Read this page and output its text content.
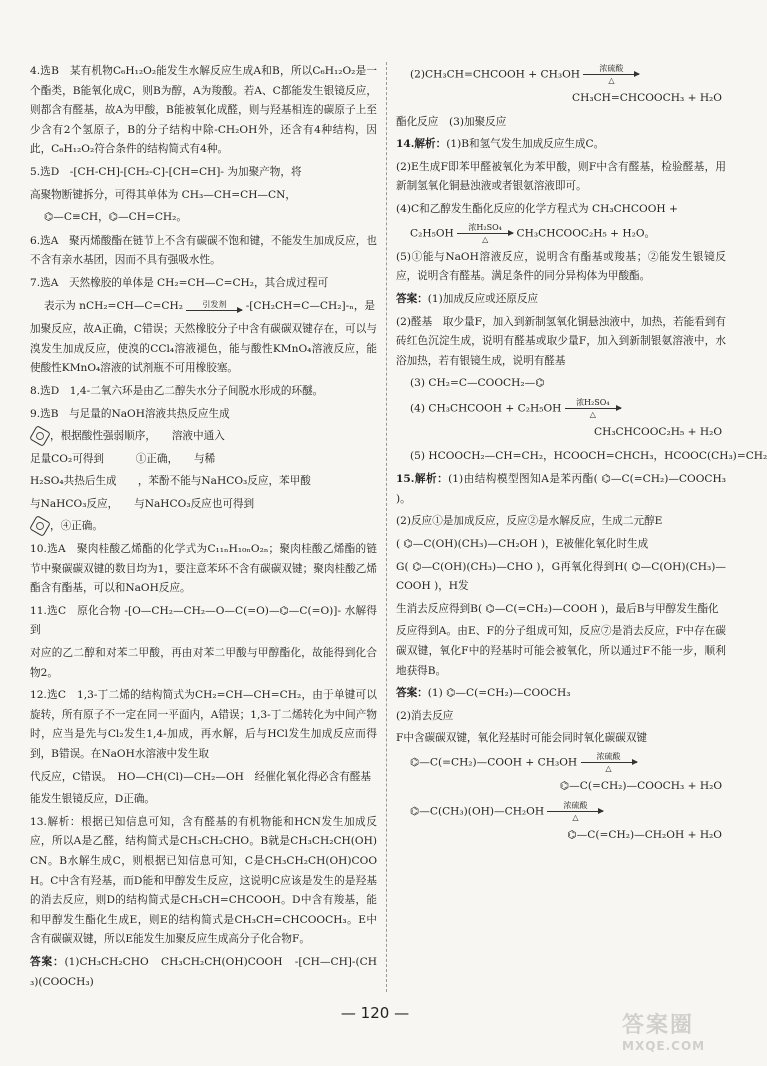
4.选B　某有机物C₆H₁₂O₂能发生水解反应生成A和B，所以C₆H₁₂O₂是一个酯类，B能氧化成C，则B为醇，A为羧酸。若A、C都能发生银镜反应，则都含有醛基，故A为甲酸，B能被氧化成醛，则与羟基相连的碳原子上至少含有2个氢原子，B的分子结构中除-CH₂OH外，还含有4种结构，因此，C₆H₁₂O₂符合条件的结构简式有4种。

5.选D　-[CH-CH]-[CH₂-C]-[CH=CH]- 为加聚产物，将

高聚物断键拆分，可得其单体为 CH₃—CH=CH—CN，

⌬—C≡CH，⌬—CH=CH₂。

6.选A　聚丙烯酸酯在链节上不含有碳碳不饱和键，不能发生加成反应，也不含有亲水基团，因而不具有强吸水性。

7.选A　天然橡胶的单体是 CH₂=CH—C=CH₂，其合成过程可

表示为 nCH₂=CH—C=CH₂ 引发剂 -[CH₂CH=C—CH₂]-ₙ，是

加聚反应，故A正确，C错误；天然橡胶分子中含有碳碳双键存在，可以与溴发生加成反应，使溴的CCl₄溶液褪色，能与酸性KMnO₄溶液反应，能使酸性KMnO₄溶液的试剂瓶不可用橡胶塞。

8.选D　1,4-二氧六环是由乙二醇失水分子间脱水形成的环醚。

9.选B　与足量的NaOH溶液共热反应生成

，根据酸性强弱顺序，　　溶液中通入

足量CO₂可得到　　　①正确，　　与稀

H₂SO₄共热后生成　　，苯酚不能与NaHCO₃反应，苯甲酸

与NaHCO₃反应，　　与NaHCO₃反应也可得到

，④正确。

10.选A　聚肉桂酸乙烯酯的化学式为C₁₁ₙH₁₀ₙO₂ₙ；聚肉桂酸乙烯酯的链节中聚碳碳双键的数目均为1，要注意苯环不含有碳碳双键；聚肉桂酸乙烯酯含有酯基，可以和NaOH反应。

11.选C　原化合物 -[O—CH₂—CH₂—O—C(=O)—⌬—C(=O)]- 水解得到

对应的乙二醇和对苯二甲酸，再由对苯二甲酸与甲醇酯化，故能得到化合物2。

12.选C　1,3-丁二烯的结构简式为CH₂=CH—CH=CH₂，由于单键可以旋转，所有原子不一定在同一平面内，A错误；1,3-丁二烯转化为中间产物时，应当是先与Cl₂发生1,4-加成，再水解，后与HCl发生加成反应而得到，B错误。在NaOH水溶液中发生取

代反应，C错误。　HO—CH(Cl)—CH₂—OH　经催化氧化得必含有醛基

能发生银镜反应，D正确。

13.解析：根据已知信息可知，含有醛基的有机物能和HCN发生加成反应，所以A是乙醛，结构简式是CH₃CH₂CHO。B就是CH₃CH₂CH(OH)CN。B水解生成C，则根据已知信息可知，C是CH₃CH₂CH(OH)COOH。C中含有羟基，而D能和甲醇发生反应，这说明C应该是发生的是羟基的消去反应，则D的结构简式是CH₃CH=CHCOOH。D中含有羧基，能和甲醇发生酯化生成E，则E的结构简式是CH₃CH=CHCOOCH₃。E中含有碳碳双键，所以E能发生加聚反应生成高分子化合物F。

答案：(1)CH₃CH₂CHO　CH₃CH₂CH(OH)COOH　-[CH—CH]-(CH₃)(COOCH₃)

(2)CH₃CH=CHCOOH + CH₃OH 浓硫酸
△

CH₃CH=CHCOOCH₃ + H₂O

酯化反应　(3)加聚反应

14.解析：(1)B和氢气发生加成反应生成C。

(2)E生成F即苯甲醛被氧化为苯甲酸，则F中含有醛基，检验醛基，用新制氢氧化铜悬浊液或者银氨溶液即可。

(4)C和乙醇发生酯化反应的化学方程式为 CH₃CHCOOH +

C₂H₅OH 浓H₂SO₄
△	CH₃CHCOOC₂H₅ + H₂O。

(5)①能与NaOH溶液反应，说明含有酯基或羧基；②能发生银镜反应，说明含有醛基。满足条件的同分异构体为甲酸酯。

答案：(1)加成反应或还原反应

(2)醛基　取少量F，加入到新制氢氧化铜悬浊液中，加热，若能看到有砖红色沉淀生成，说明有醛基或取少量F，加入到新制银氨溶液中，水浴加热，若有银镜生成，说明有醛基

(3) CH₂=C—COOCH₂—⌬

(4) CH₃CHCOOH + C₂H₅OH 浓H₂SO₄
△

CH₃CHCOOC₂H₅ + H₂O

(5) HCOOCH₂—CH=CH₂，HCOOCH=CHCH₃，HCOOC(CH₃)=CH₂

15.解析：(1)由结构模型图知A是苯丙酯( ⌬—C(=CH₂)—COOCH₃ )。

(2)反应①是加成反应，反应②是水解反应，生成二元醇E

( ⌬—C(OH)(CH₃)—CH₂OH )，E被催化氧化时生成

G( ⌬—C(OH)(CH₃)—CHO )，G再氧化得到H( ⌬—C(OH)(CH₃)—COOH )，H发

生消去反应得到B( ⌬—C(=CH₂)—COOH )，最后B与甲醇发生酯化

反应得到A。由E、F的分子组成可知，反应⑦是消去反应，F中存在碳碳双键，氧化F中的羟基时可能会被氧化，所以通过F不能一步，顺利地获得B。

答案：(1) ⌬—C(=CH₂)—COOCH₃

(2)消去反应

F中含碳碳双键，氧化羟基时可能会同时氧化碳碳双键

⌬—C(=CH₂)—COOH + CH₃OH 浓硫酸
△

⌬—C(=CH₂)—COOCH₃ + H₂O

⌬—C(CH₃)(OH)—CH₂OH 浓硫酸
△

⌬—C(=CH₂)—CH₂OH + H₂O

— 120 —	答案圈
MXQE.COM
